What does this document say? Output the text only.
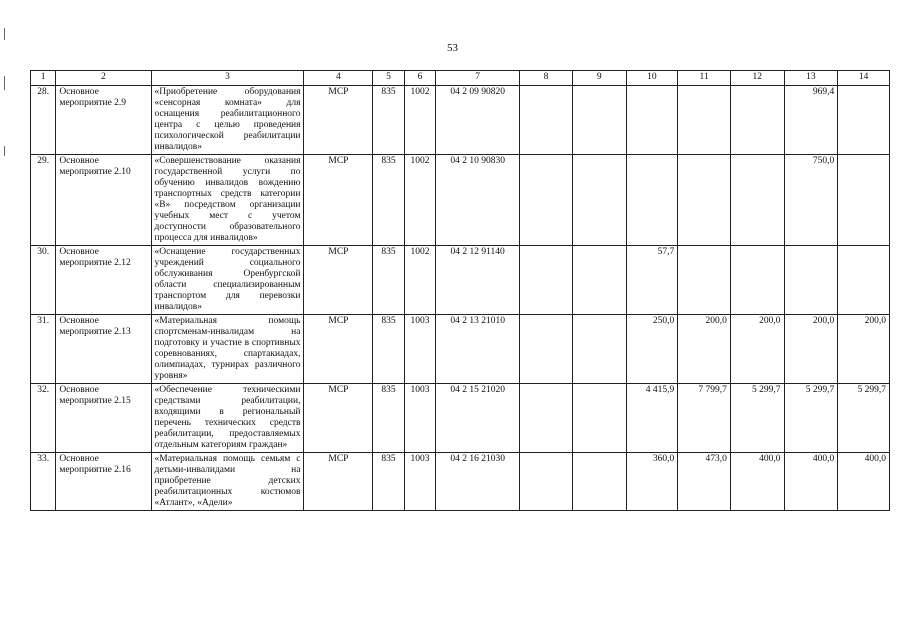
53
1	2	3	4	5	6	7	8	9	10	11	12	13	14
28.	Основное мероприятие 2.9	«Приобретение оборудования «сенсорная комната» для оснащения реабилитационного центра с целью проведения психологической реабилитации инвалидов»	МСР	835	1002	04 2 09 90820						969,4	
29.	Основное мероприятие 2.10	«Совершенствование оказания государственной услуги по обучению инвалидов вождению транспортных средств категории «В» посредством организации учебных мест с учетом доступности образовательного процесса для инвалидов»	МСР	835	1002	04 2 10 90830						750,0	
30.	Основное мероприятие 2.12	«Оснащение государственных учреждений социального обслуживания Оренбургской области специализированным транспортом для перевозки инвалидов»	МСР	835	1002	04 2 12 91140			57,7				
31.	Основное мероприятие 2.13	«Материальная помощь спортсменам-инвалидам на подготовку и участие в спортивных соревнованиях, спартакиадах, олимпиадах, турнирах различного уровня»	МСР	835	1003	04 2 13 21010			250,0	200,0	200,0	200,0	200,0
32.	Основное мероприятие 2.15	«Обеспечение техническими средствами реабилитации, входящими в региональный перечень технических средств реабилитации, предоставляемых отдельным категориям граждан»	МСР	835	1003	04 2 15 21020			4 415,9	7 799,7	5 299,7	5 299,7	5 299,7
33.	Основное мероприятие 2.16	«Материальная помощь семьям с детьми-инвалидами на приобретение детских реабилитационных костюмов «Атлант», «Адели»	МСР	835	1003	04 2 16 21030			360,0	473,0	400,0	400,0	400,0
